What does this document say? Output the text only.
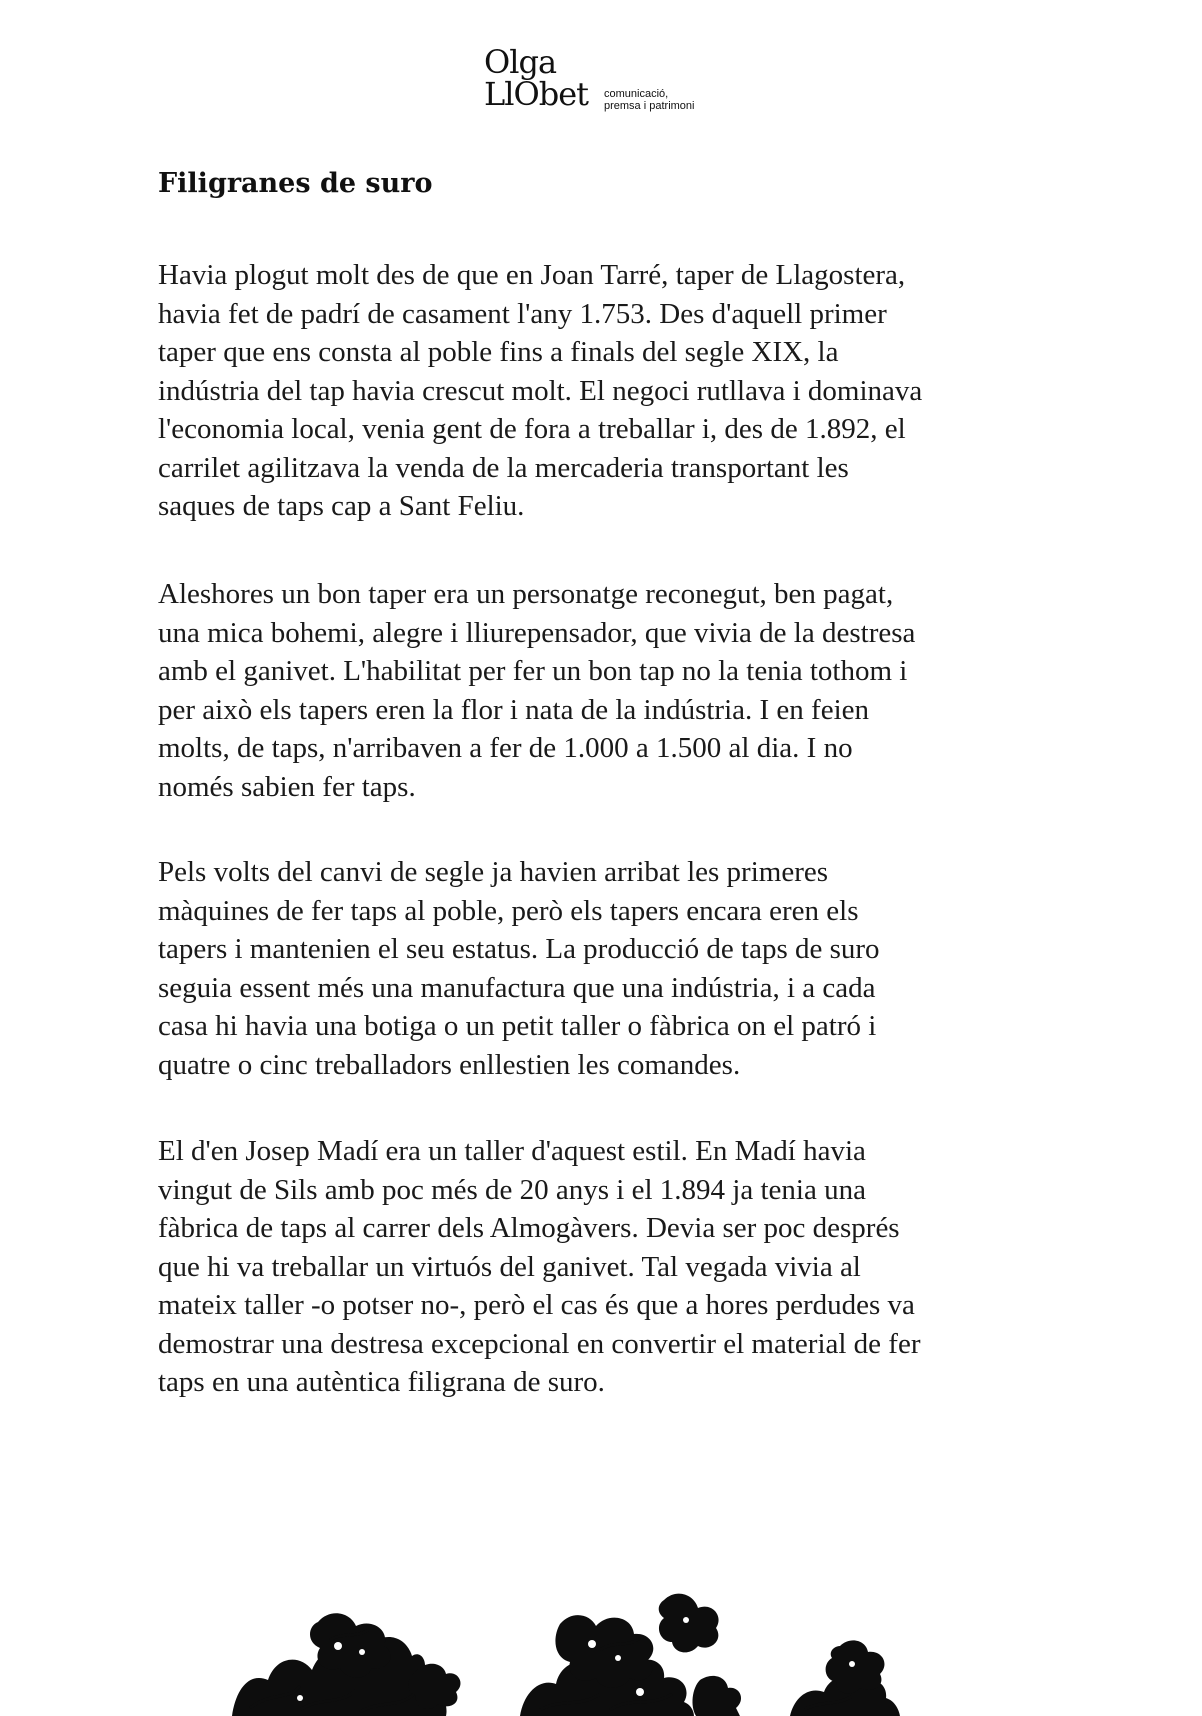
Olga
LlObet comunicació,
premsa i patrimoni
Filigranes de suro

Havia plogut molt des de que en Joan Tarré, taper de Llagostera,
havia fet de padrí de casament l'any 1.753. Des d'aquell primer
taper que ens consta al poble fins a finals del segle XIX, la
indústria del tap havia crescut molt. El negoci rutllava i dominava
l'economia local, venia gent de fora a treballar i, des de 1.892, el
carrilet agilitzava la venda de la mercaderia transportant les
saques de taps cap a Sant Feliu.

Aleshores un bon taper era un personatge reconegut, ben pagat,
una mica bohemi, alegre i lliurepensador, que vivia de la destresa
amb el ganivet. L'habilitat per fer un bon tap no la tenia tothom i
per això els tapers eren la flor i nata de la indústria. I en feien
molts, de taps, n'arribaven a fer de 1.000 a 1.500 al dia. I no
només sabien fer taps.

Pels volts del canvi de segle ja havien arribat les primeres
màquines de fer taps al poble, però els tapers encara eren els
tapers i mantenien el seu estatus. La producció de taps de suro
seguia essent més una manufactura que una indústria, i a cada
casa hi havia una botiga o un petit taller o fàbrica on el patró i
quatre o cinc treballadors enllestien les comandes.

El d'en Josep Madí era un taller d'aquest estil. En Madí havia
vingut de Sils amb poc més de 20 anys i el 1.894 ja tenia una
fàbrica de taps al carrer dels Almogàvers. Devia ser poc després
que hi va treballar un virtuós del ganivet. Tal vegada vivia al
mateix taller -o potser no-, però el cas és que a hores perdudes va
demostrar una destresa excepcional en convertir el material de fer
taps en una autèntica filigrana de suro.
